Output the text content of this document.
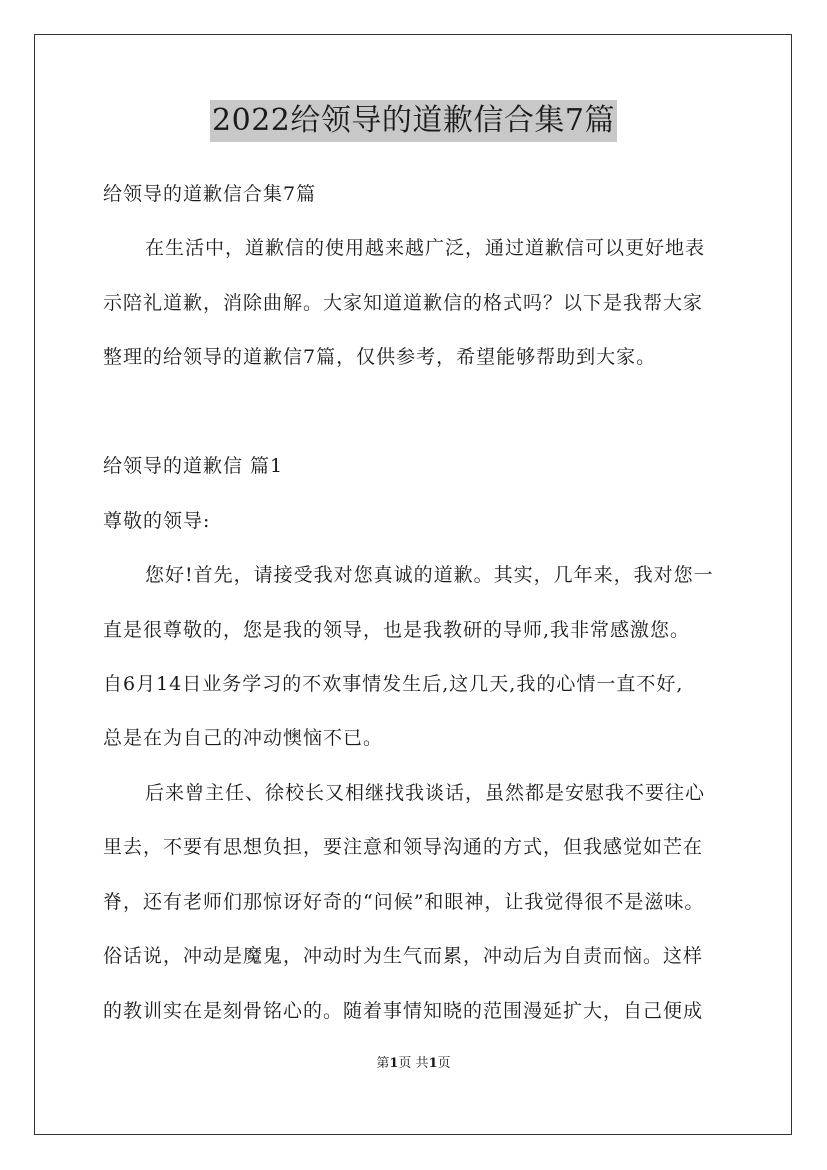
2022给领导的道歉信合集7篇
给领导的道歉信合集7篇
在生活中，道歉信的使用越来越广泛，通过道歉信可以更好地表
示陪礼道歉，消除曲解。大家知道道歉信的格式吗？以下是我帮大家
整理的给领导的道歉信7篇，仅供参考，希望能够帮助到大家。
给领导的道歉信 篇1
尊敬的领导:
您好!首先，请接受我对您真诚的道歉。其实，几年来，我对您一
直是很尊敬的，您是我的领导，也是我教研的导师,我非常感激您。
自6月14日业务学习的不欢事情发生后,这几天,我的心情一直不好,
总是在为自己的冲动懊恼不已。
后来曾主任、徐校长又相继找我谈话，虽然都是安慰我不要往心
里去，不要有思想负担，要注意和领导沟通的方式，但我感觉如芒在
脊，还有老师们那惊讶好奇的“问候”和眼神，让我觉得很不是滋味。
俗话说，冲动是魔鬼，冲动时为生气而累，冲动后为自责而恼。这样
的教训实在是刻骨铭心的。随着事情知晓的范围漫延扩大，自己便成
第1页 共1页
